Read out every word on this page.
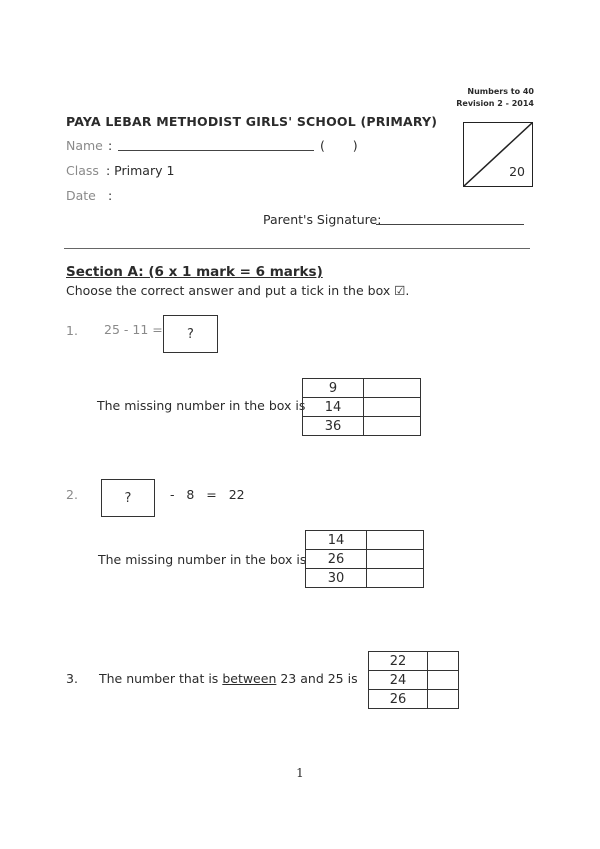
Numbers to 40
Revision 2 - 2014
PAYA LEBAR METHODIST GIRLS' SCHOOL (PRIMARY)
Name :	(       )
Class : Primary 1
Date :
20
Parent's Signature:
Section A: (6 x 1 mark = 6 marks)
Choose the correct answer and put a tick in the box ☑.
1. 25 - 11 =	?
The missing number in the box is
9	
14	
36	
2.	?	-   8   =   22
The missing number in the box is
14	
26	
30	
3. The number that is between 23 and 25 is
22	
24	
26	
1
